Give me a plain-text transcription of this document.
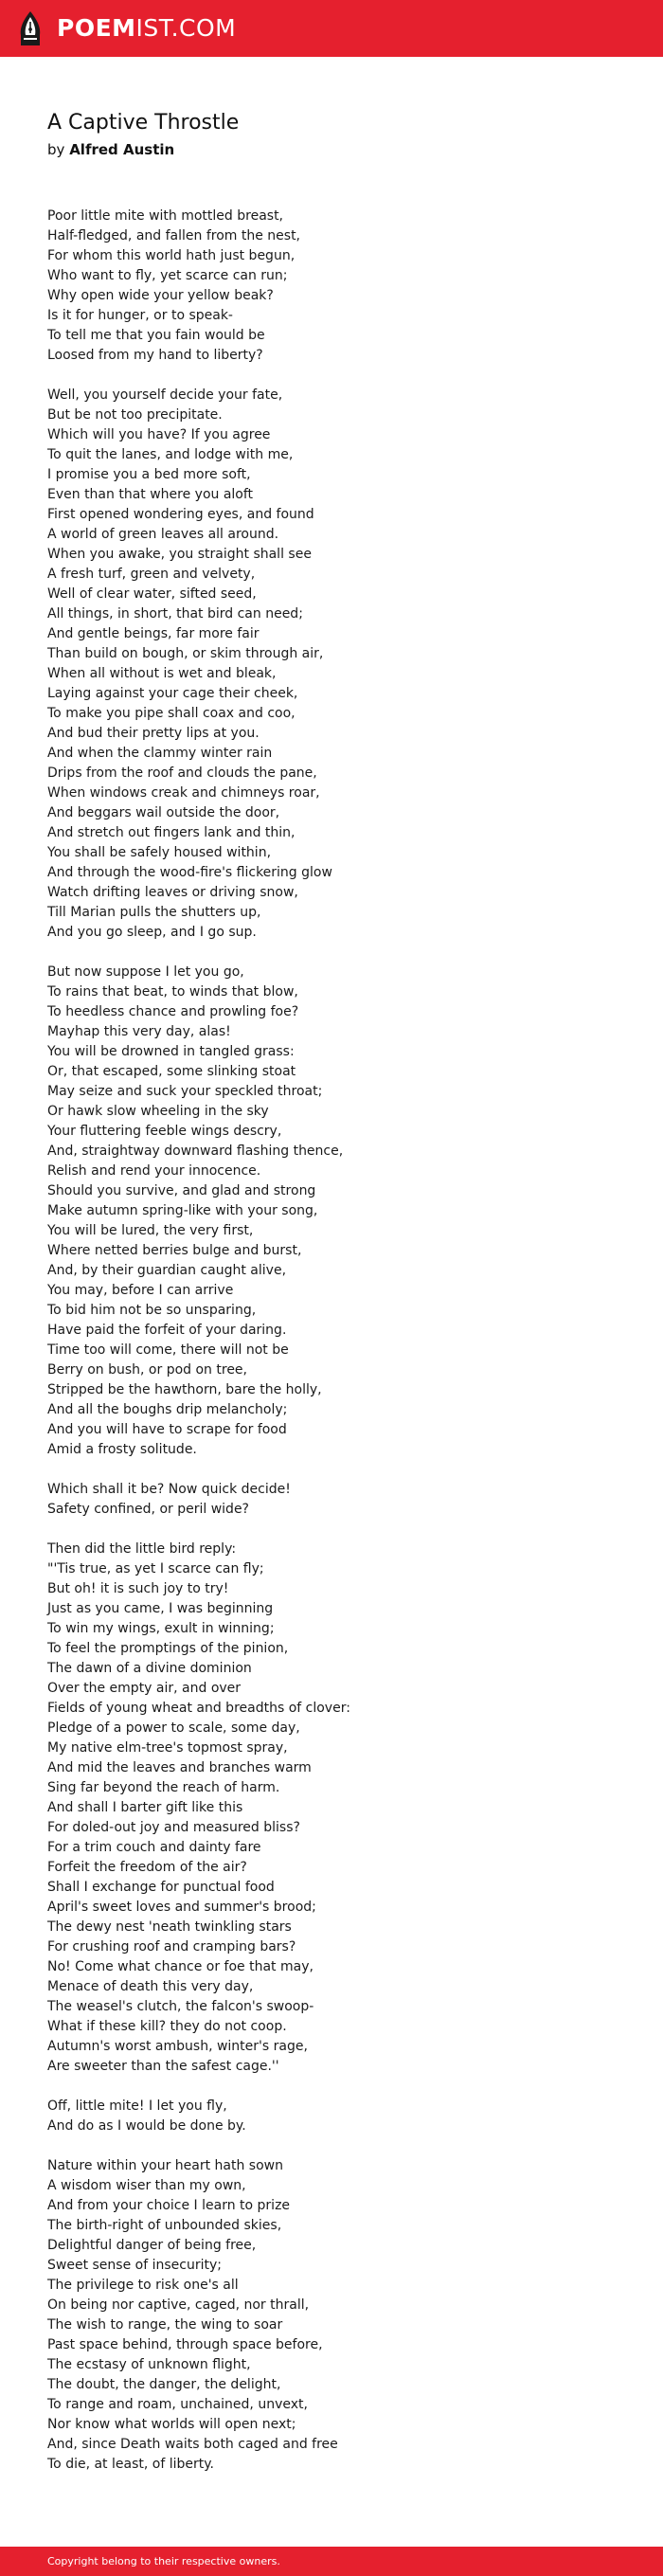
POEMIST.COM
A Captive Throstle
by Alfred Austin
Poor little mite with mottled breast,
Half-fledged, and fallen from the nest,
For whom this world hath just begun,
Who want to fly, yet scarce can run;
Why open wide your yellow beak?
Is it for hunger, or to speak-
To tell me that you fain would be
Loosed from my hand to liberty?
Well, you yourself decide your fate,
But be not too precipitate.
Which will you have? If you agree
To quit the lanes, and lodge with me,
I promise you a bed more soft,
Even than that where you aloft
First opened wondering eyes, and found
A world of green leaves all around.
When you awake, you straight shall see
A fresh turf, green and velvety,
Well of clear water, sifted seed,
All things, in short, that bird can need;
And gentle beings, far more fair
Than build on bough, or skim through air,
When all without is wet and bleak,
Laying against your cage their cheek,
To make you pipe shall coax and coo,
And bud their pretty lips at you.
And when the clammy winter rain
Drips from the roof and clouds the pane,
When windows creak and chimneys roar,
And beggars wail outside the door,
And stretch out fingers lank and thin,
You shall be safely housed within,
And through the wood-fire's flickering glow
Watch drifting leaves or driving snow,
Till Marian pulls the shutters up,
And you go sleep, and I go sup.
But now suppose I let you go,
To rains that beat, to winds that blow,
To heedless chance and prowling foe?
Mayhap this very day, alas!
You will be drowned in tangled grass:
Or, that escaped, some slinking stoat
May seize and suck your speckled throat;
Or hawk slow wheeling in the sky
Your fluttering feeble wings descry,
And, straightway downward flashing thence,
Relish and rend your innocence.
Should you survive, and glad and strong
Make autumn spring-like with your song,
You will be lured, the very first,
Where netted berries bulge and burst,
And, by their guardian caught alive,
You may, before I can arrive
To bid him not be so unsparing,
Have paid the forfeit of your daring.
Time too will come, there will not be
Berry on bush, or pod on tree,
Stripped be the hawthorn, bare the holly,
And all the boughs drip melancholy;
And you will have to scrape for food
Amid a frosty solitude.
Which shall it be? Now quick decide!
Safety confined, or peril wide?
Then did the little bird reply:
"'Tis true, as yet I scarce can fly;
But oh! it is such joy to try!
Just as you came, I was beginning
To win my wings, exult in winning;
To feel the promptings of the pinion,
The dawn of a divine dominion
Over the empty air, and over
Fields of young wheat and breadths of clover:
Pledge of a power to scale, some day,
My native elm-tree's topmost spray,
And mid the leaves and branches warm
Sing far beyond the reach of harm.
And shall I barter gift like this
For doled-out joy and measured bliss?
For a trim couch and dainty fare
Forfeit the freedom of the air?
Shall I exchange for punctual food
April's sweet loves and summer's brood;
The dewy nest 'neath twinkling stars
For crushing roof and cramping bars?
No! Come what chance or foe that may,
Menace of death this very day,
The weasel's clutch, the falcon's swoop-
What if these kill? they do not coop.
Autumn's worst ambush, winter's rage,
Are sweeter than the safest cage.''
Off, little mite! I let you fly,
And do as I would be done by.
Nature within your heart hath sown
A wisdom wiser than my own,
And from your choice I learn to prize
The birth-right of unbounded skies,
Delightful danger of being free,
Sweet sense of insecurity;
The privilege to risk one's all
On being nor captive, caged, nor thrall,
The wish to range, the wing to soar
Past space behind, through space before,
The ecstasy of unknown flight,
The doubt, the danger, the delight,
To range and roam, unchained, unvext,
Nor know what worlds will open next;
And, since Death waits both caged and free
To die, at least, of liberty.
Copyright belong to their respective owners.
